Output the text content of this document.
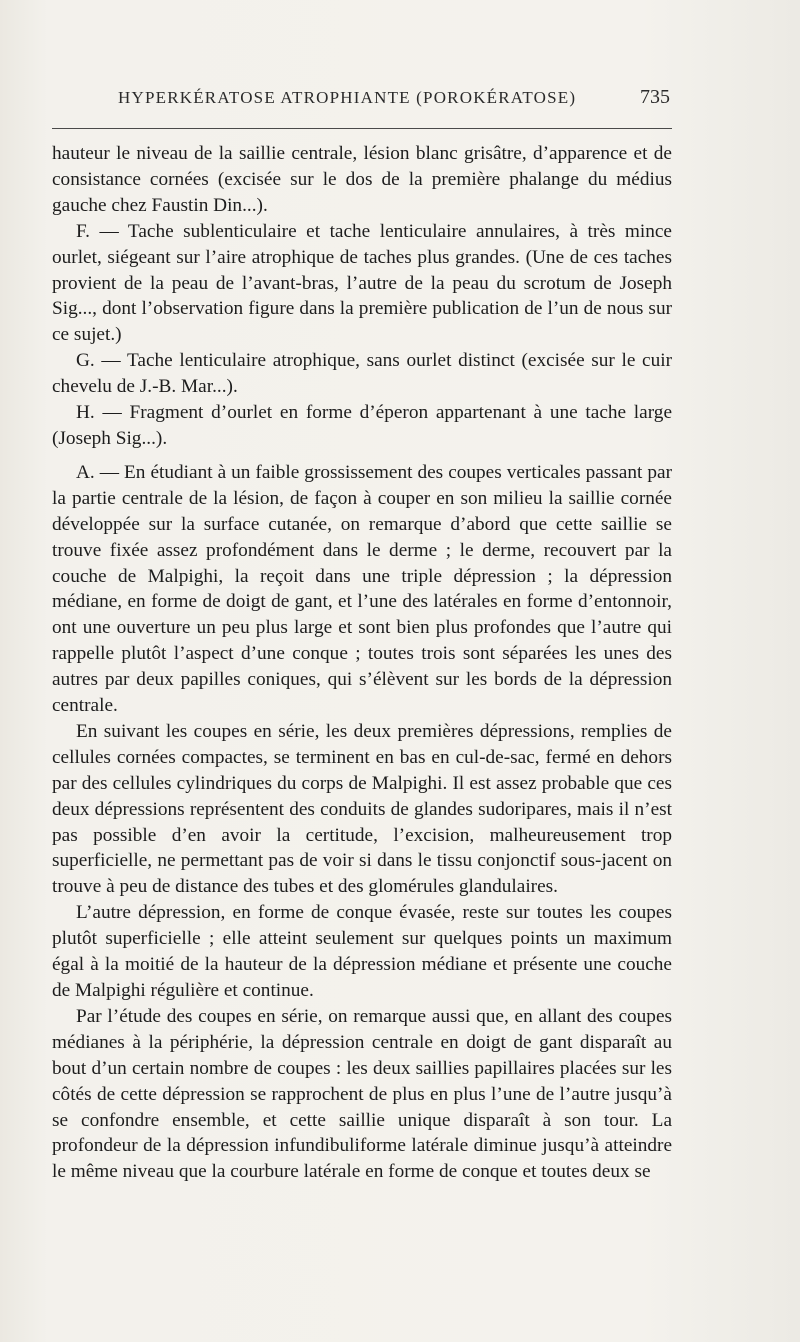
HYPERKÉRATOSE ATROPHIANTE (POROKÉRATOSE)	735

hauteur le niveau de la saillie centrale, lésion blanc grisâtre, d’apparence et de consistance cornées (excisée sur le dos de la première phalange du médius gauche chez Faustin Din...).

F. — Tache sublenticulaire et tache lenticulaire annulaires, à très mince ourlet, siégeant sur l’aire atrophique de taches plus grandes. (Une de ces taches provient de la peau de l’avant-bras, l’autre de la peau du scrotum de Joseph Sig..., dont l’observation figure dans la première publication de l’un de nous sur ce sujet.)

G. — Tache lenticulaire atrophique, sans ourlet distinct (excisée sur le cuir chevelu de J.-B. Mar...).

H. — Fragment d’ourlet en forme d’éperon appartenant à une tache large (Joseph Sig...).

A. — En étudiant à un faible grossissement des coupes verticales passant par la partie centrale de la lésion, de façon à couper en son milieu la saillie cornée développée sur la surface cutanée, on remarque d’abord que cette saillie se trouve fixée assez profondément dans le derme ; le derme, recouvert par la couche de Malpighi, la reçoit dans une triple dépression ; la dépression médiane, en forme de doigt de gant, et l’une des latérales en forme d’entonnoir, ont une ouverture un peu plus large et sont bien plus profondes que l’autre qui rappelle plutôt l’aspect d’une conque ; toutes trois sont séparées les unes des autres par deux papilles coniques, qui s’élèvent sur les bords de la dépression centrale.

En suivant les coupes en série, les deux premières dépressions, remplies de cellules cornées compactes, se terminent en bas en cul-de-sac, fermé en dehors par des cellules cylindriques du corps de Malpighi. Il est assez probable que ces deux dépressions représentent des conduits de glandes sudoripares, mais il n’est pas possible d’en avoir la certitude, l’excision, malheureusement trop superficielle, ne permettant pas de voir si dans le tissu conjonctif sous-jacent on trouve à peu de distance des tubes et des glomérules glandulaires.

L’autre dépression, en forme de conque évasée, reste sur toutes les coupes plutôt superficielle ; elle atteint seulement sur quelques points un maximum égal à la moitié de la hauteur de la dépression médiane et présente une couche de Malpighi régulière et continue.

Par l’étude des coupes en série, on remarque aussi que, en allant des coupes médianes à la périphérie, la dépression centrale en doigt de gant disparaît au bout d’un certain nombre de coupes : les deux saillies papillaires placées sur les côtés de cette dépression se rapprochent de plus en plus l’une de l’autre jusqu’à se confondre ensemble, et cette saillie unique disparaît à son tour. La profondeur de la dépression infundibuliforme latérale diminue jusqu’à atteindre le même niveau que la courbure latérale en forme de conque et toutes deux se
